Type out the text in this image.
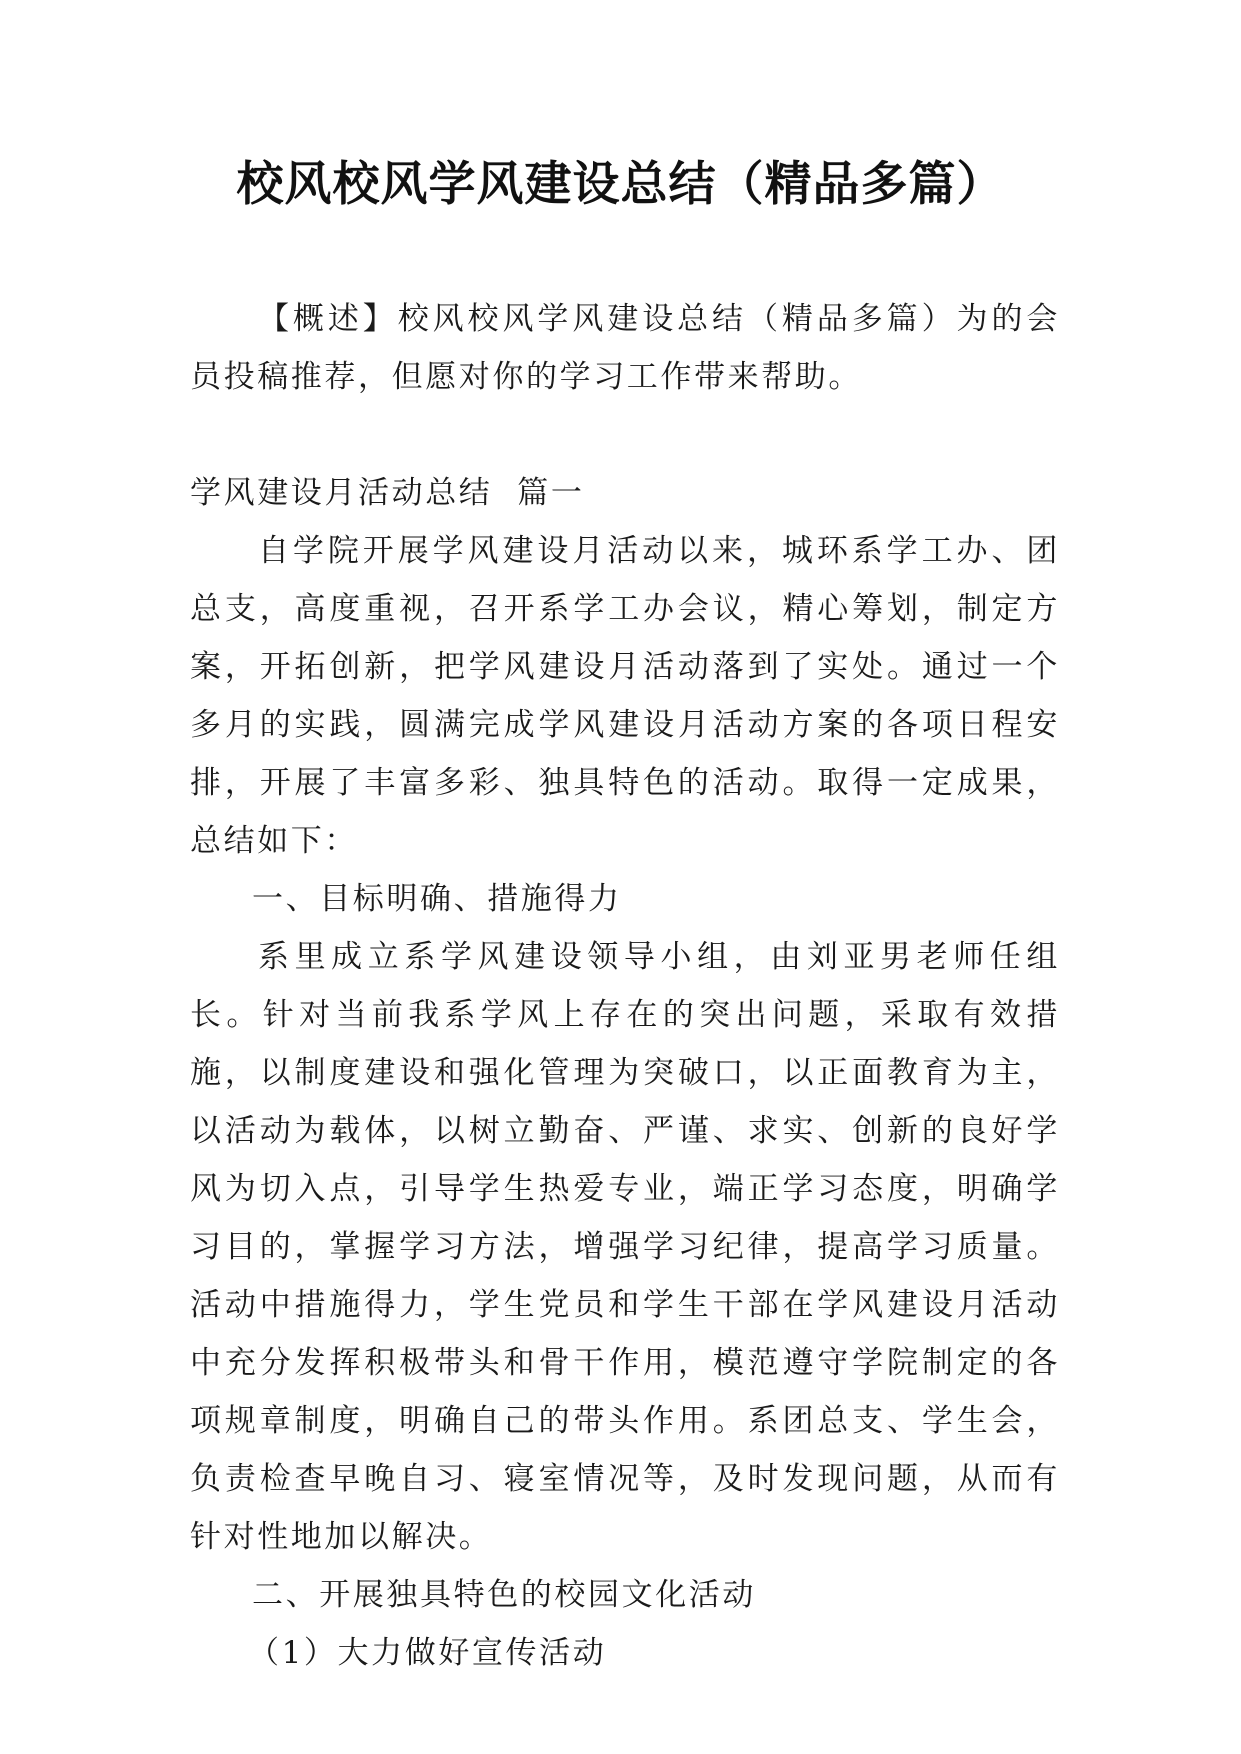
校风校风学风建设总结（精品多篇）

【概述】校风校风学风建设总结（精品多篇）为的会员投稿推荐，但愿对你的学习工作带来帮助。

学风建设月活动总结  篇一

自学院开展学风建设月活动以来，城环系学工办、团总支，高度重视，召开系学工办会议，精心筹划，制定方案，开拓创新，把学风建设月活动落到了实处。通过一个多月的实践，圆满完成学风建设月活动方案的各项日程安排，开展了丰富多彩、独具特色的活动。取得一定成果，总结如下：

一、目标明确、措施得力

系里成立系学风建设领导小组，由刘亚男老师任组长。针对当前我系学风上存在的突出问题，采取有效措施，以制度建设和强化管理为突破口，以正面教育为主，以活动为载体，以树立勤奋、严谨、求实、创新的良好学风为切入点，引导学生热爱专业，端正学习态度，明确学习目的，掌握学习方法，增强学习纪律，提高学习质量。活动中措施得力，学生党员和学生干部在学风建设月活动中充分发挥积极带头和骨干作用，模范遵守学院制定的各项规章制度，明确自己的带头作用。系团总支、学生会，负责检查早晚自习、寝室情况等，及时发现问题，从而有针对性地加以解决。

二、开展独具特色的校园文化活动

（1）大力做好宣传活动
